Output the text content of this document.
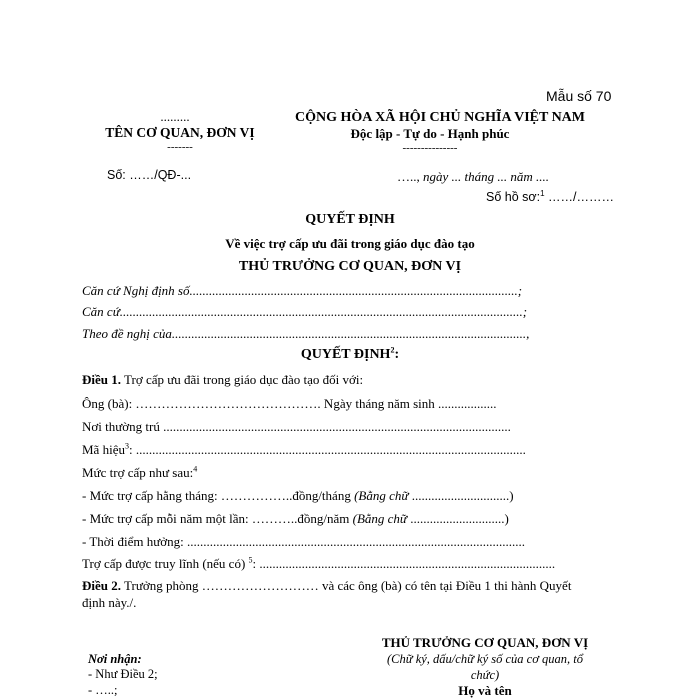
Mẫu số 70
.........
TÊN CƠ QUAN, ĐƠN VỊ
-------
CỘNG HÒA XÃ HỘI CHỦ NGHĨA VIỆT NAM
Độc lập - Tự do - Hạnh phúc
---------------
Số: ……/QĐ-...	….., ngày ... tháng ... năm ....
Số hồ sơ:$^1$ ……/………
QUYẾT ĐỊNH
Về việc trợ cấp ưu đãi trong giáo dục đào tạo
THỦ TRƯỞNG CƠ QUAN, ĐƠN VỊ
Căn cứ Nghị định số.....................................................................................................;
Căn cứ............................................................................................................................;
Theo đề nghị của.............................................................................................................,
QUYẾT ĐỊNH$^2$:
Điều 1. Trợ cấp ưu đãi trong giáo dục đào tạo đối với:
Ông (bà): ……………………………………. Ngày tháng năm sinh ..................
Nơi thường trú ...........................................................................................................
Mã hiệu$^3$: ........................................................................................................................
Mức trợ cấp như sau:$^4$
- Mức trợ cấp hằng tháng: ……………..đồng/tháng (Bằng chữ ..............................)
- Mức trợ cấp mỗi năm một lần: ………..đồng/năm (Bằng chữ .............................)
- Thời điểm hưởng: ........................................................................................................
Trợ cấp được truy lĩnh (nếu có) $^5$: ...........................................................................................
Điều 2. Trưởng phòng ……………………… và các ông (bà) có tên tại Điều 1 thi hành Quyết
định này./.
THỦ TRƯỞNG CƠ QUAN, ĐƠN VỊ
(Chữ ký, dấu/chữ ký số của cơ quan, tổ
chức)
Họ và tên
Nơi nhận:
- Như Điều 2;
- …..;
